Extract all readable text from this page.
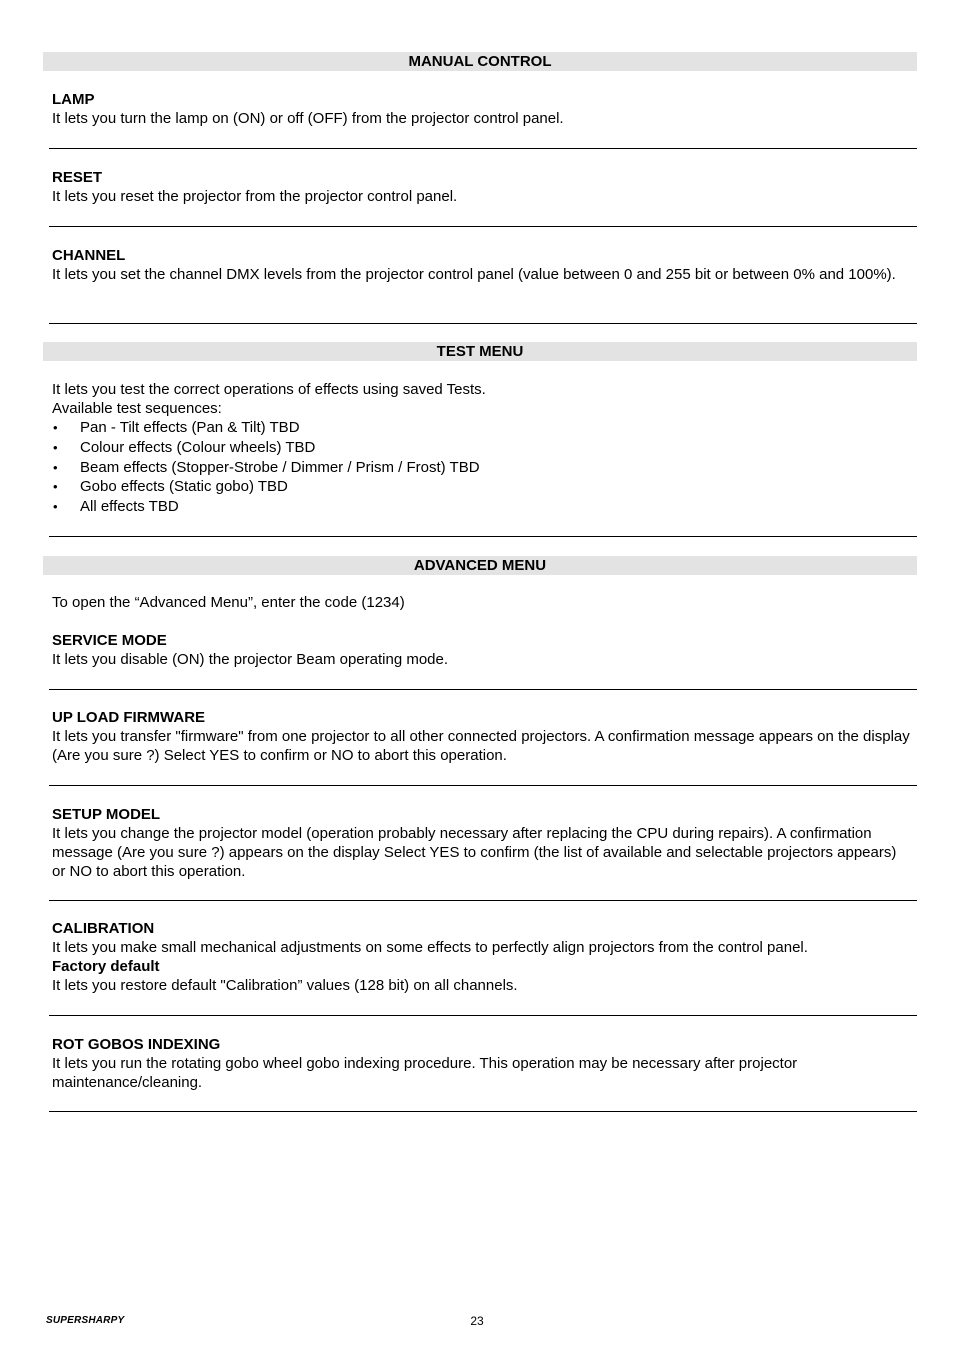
MANUAL CONTROL
LAMP
It lets you turn the lamp on (ON) or off (OFF) from the projector control panel.
RESET
It lets you reset the projector from the projector control panel.
CHANNEL
It lets you set the channel DMX levels from the projector control panel (value between 0 and 255 bit or between 0% and 100%).
TEST MENU
It lets you test the correct operations of effects using saved Tests.
Available test sequences:
• Pan - Tilt effects (Pan & Tilt) TBD
• Colour effects (Colour wheels) TBD
• Beam effects (Stopper-Strobe / Dimmer / Prism / Frost) TBD
• Gobo effects (Static gobo) TBD
• All effects TBD
ADVANCED MENU
To open the “Advanced Menu”, enter the code (1234)
SERVICE MODE
It lets you disable (ON) the projector Beam operating mode.
UP LOAD FIRMWARE
It lets you transfer "firmware" from one projector to all other connected projectors. A confirmation message appears on the display (Are you sure ?) Select YES to confirm or NO to abort this operation.
SETUP MODEL
It lets you change the projector model (operation probably necessary after replacing the CPU during repairs). A confirmation message (Are you sure ?) appears on the display Select YES to confirm (the list of available and selectable projectors appears) or NO to abort this operation.
CALIBRATION
It lets you make small mechanical adjustments on some effects to perfectly align projectors from the control panel.
Factory default
It lets you restore default "Calibration” values (128 bit) on all channels.
ROT GOBOS INDEXING
It lets you run the rotating gobo wheel gobo indexing procedure. This operation may be necessary after projector maintenance/cleaning.
SUPERSHARPY	23
